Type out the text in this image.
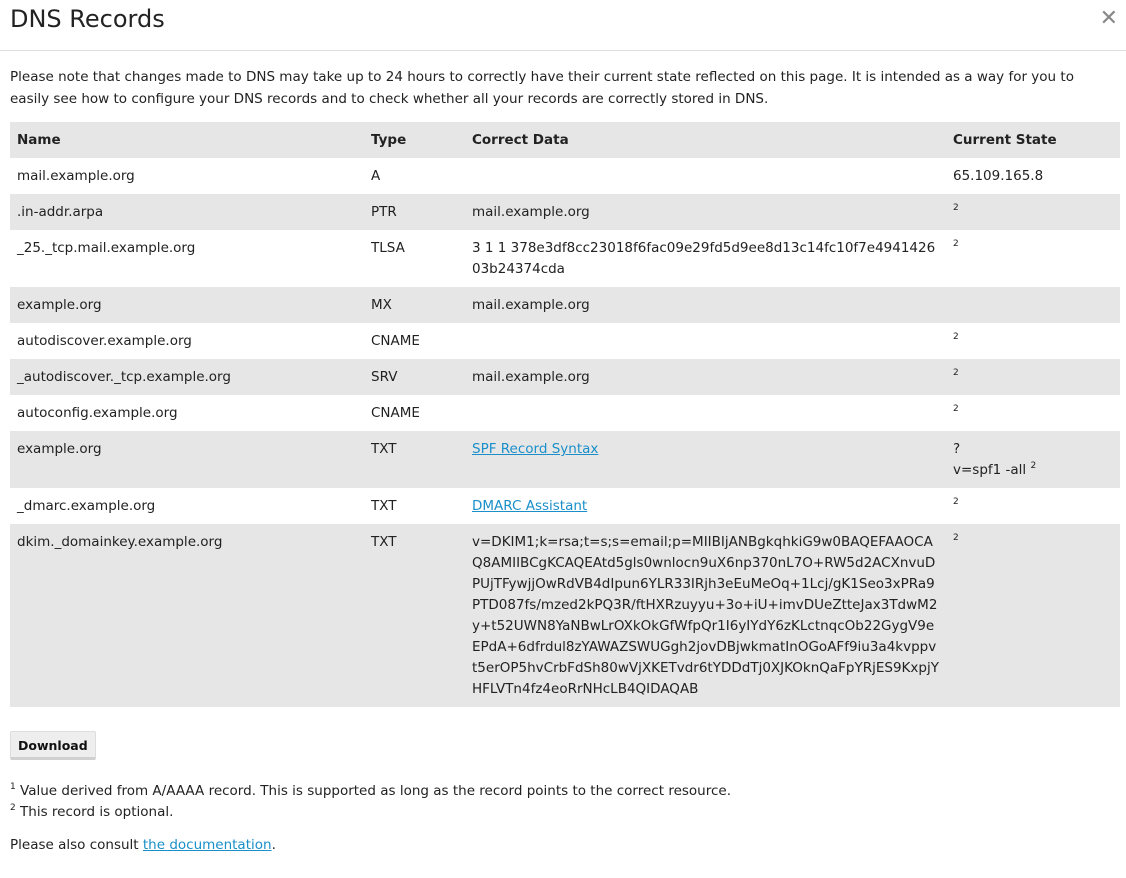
DNS Records	✕

Please note that changes made to DNS may take up to 24 hours to correctly have their current state reflected on this page. It is intended as a way for you to easily see how to configure your DNS records and to check whether all your records are correctly stored in DNS.

Name	Type	Correct Data	Current State
mail.example.org	A		65.109.165.8
.in-addr.arpa	PTR	mail.example.org	$^2$
_25._tcp.mail.example.org	TLSA	3 1 1 378e3df8cc23018f6fac09e29fd5d9ee8d13c14fc10f7e494142603b24374cda	$^2$
example.org	MX	mail.example.org	
autodiscover.example.org	CNAME		$^2$
_autodiscover._tcp.example.org	SRV	mail.example.org	$^2$
autoconfig.example.org	CNAME		$^2$
example.org	TXT	SPF Record Syntax	?
v=spf1 -all $^2$
_dmarc.example.org	TXT	DMARC Assistant	$^2$
dkim._domainkey.example.org	TXT	v=DKIM1;k=rsa;t=s;s=email;p=MIIBIjANBgkqhkiG9w0BAQEFAAOCAQ8AMIIBCgKCAQEAtd5gls0wnlocn9uX6np370nL7O+RW5d2ACXnvuDPUjTFywjjOwRdVB4dIpun6YLR33IRjh3eEuMeOq+1Lcj/gK1Seo3xPRa9PTD087fs/mzed2kPQ3R/ftHXRzuyyu+3o+iU+imvDUeZtteJax3TdwM2y+t52UWN8YaNBwLrOXkOkGfWfpQr1I6yIYdY6zKLctnqcOb22GygV9eEPdA+6dfrdul8zYAWAZSWUGgh2jovDBjwkmatInOGoAFf9iu3a4kvppvt5erOP5hvCrbFdSh80wVjXKETvdr6tYDDdTj0XJKOknQaFpYRjES9KxpjYHFLVTn4fz4eoRrNHcLB4QIDAQAB	$^2$
Download
$^1$ Value derived from A/AAAA record. This is supported as long as the record points to the correct resource.
$^2$ This record is optional.
Please also consult the documentation.
